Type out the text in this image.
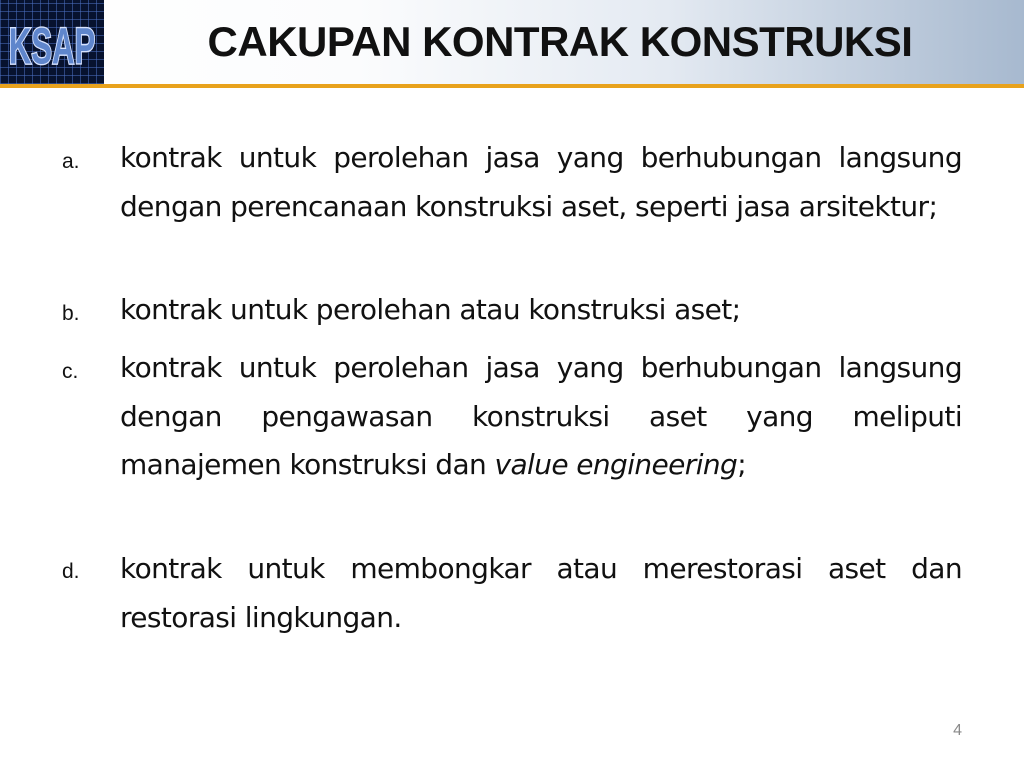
KSAP	CAKUPAN KONTRAK KONSTRUKSI
a. kontrak untuk perolehan jasa yang berhubungan langsung dengan perencanaan konstruksi aset, seperti jasa arsitektur;
b. kontrak untuk perolehan atau konstruksi aset;
c. kontrak untuk perolehan jasa yang berhubungan langsung dengan pengawasan konstruksi aset yang meliputi manajemen konstruksi dan value engineering;
d. kontrak untuk membongkar atau merestorasi aset dan restorasi lingkungan.
4
